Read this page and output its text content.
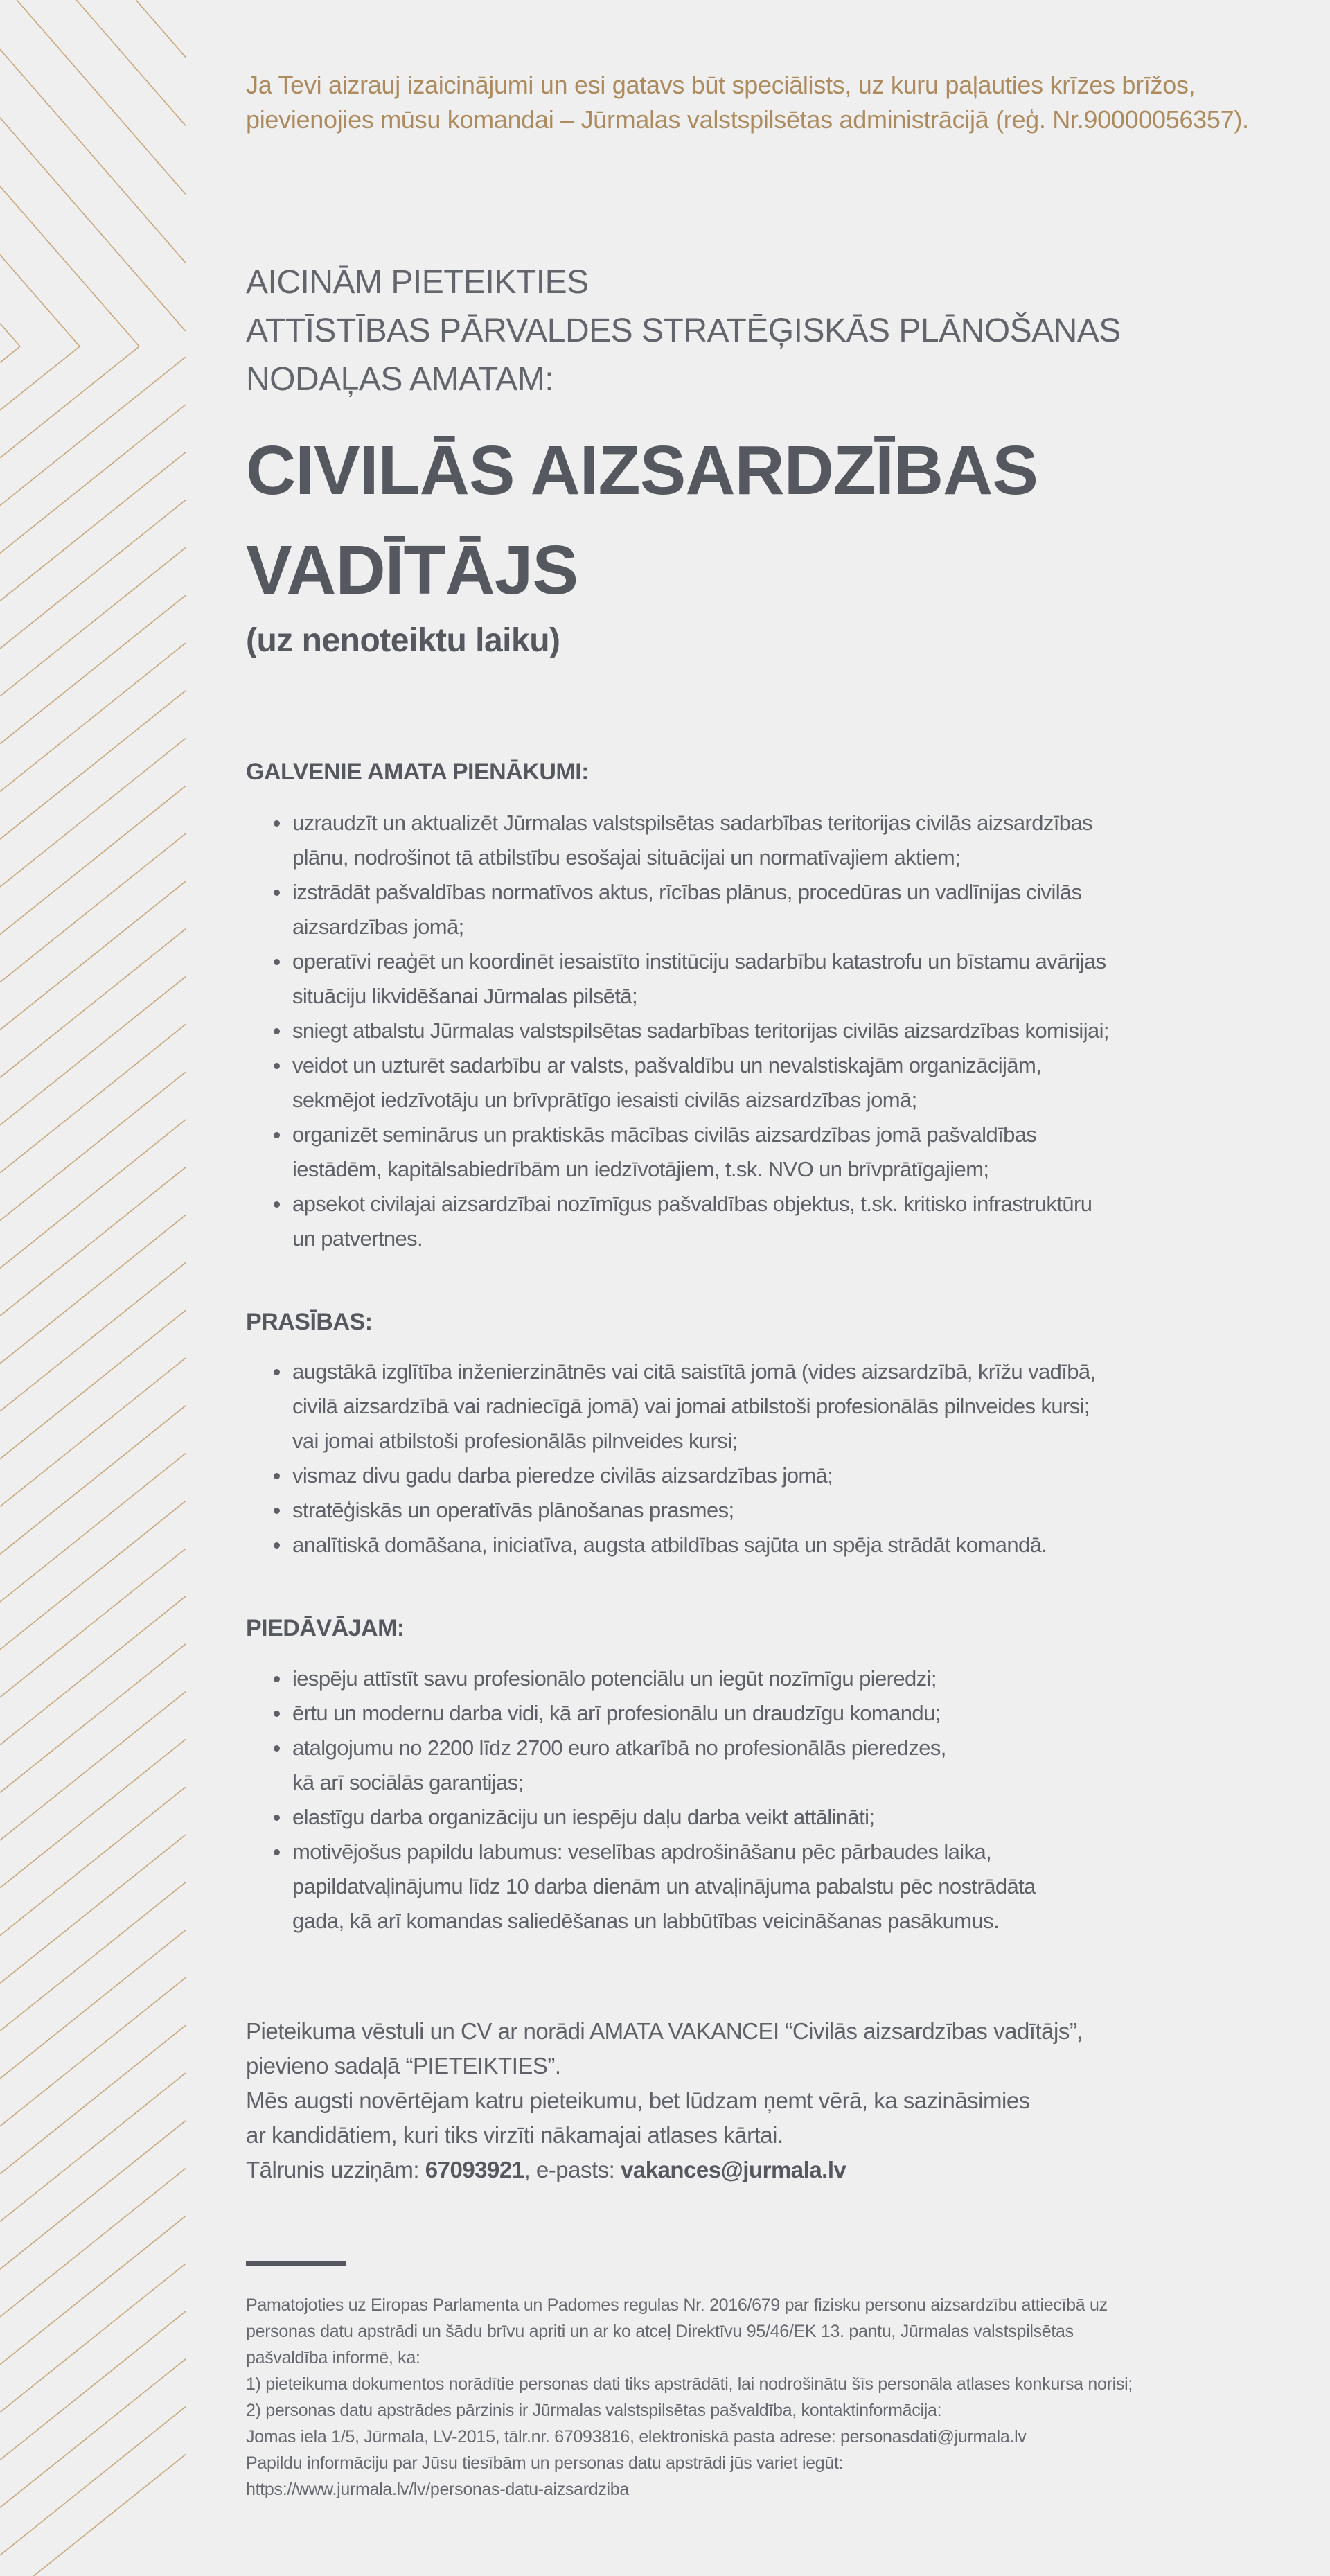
Ja Tevi aizrauj izaicinājumi un esi gatavs būt speciālists, uz kuru paļauties krīzes brīžos, pievienojies mūsu komandai – Jūrmalas valstspilsētas administrācijā (reģ. Nr.90000056357).
AICINĀM PIETEIKTIES
ATTĪSTĪBAS PĀRVALDES STRATĒĢISKĀS PLĀNOŠANAS
NODAĻAS AMATAM:
CIVILĀS AIZSARDZĪBAS
VADĪTĀJS
(uz nenoteiktu laiku)
GALVENIE AMATA PIENĀKUMI:
uzraudzīt un aktualizēt Jūrmalas valstspilsētas sadarbības teritorijas civilās aizsardzības
plānu, nodrošinot tā atbilstību esošajai situācijai un normatīvajiem aktiem;
izstrādāt pašvaldības normatīvos aktus, rīcības plānus, procedūras un vadlīnijas civilās
aizsardzības jomā;
operatīvi reaģēt un koordinēt iesaistīto institūciju sadarbību katastrofu un bīstamu avārijas
situāciju likvidēšanai Jūrmalas pilsētā;
sniegt atbalstu Jūrmalas valstspilsētas sadarbības teritorijas civilās aizsardzības komisijai;
veidot un uzturēt sadarbību ar valsts, pašvaldību un nevalstiskajām organizācijām,
sekmējot iedzīvotāju un brīvprātīgo iesaisti civilās aizsardzības jomā;
organizēt seminārus un praktiskās mācības civilās aizsardzības jomā pašvaldības
iestādēm, kapitālsabiedrībām un iedzīvotājiem, t.sk. NVO un brīvprātīgajiem;
apsekot civilajai aizsardzībai nozīmīgus pašvaldības objektus, t.sk. kritisko infrastruktūru
un patvertnes.
PRASĪBAS:
augstākā izglītība inženierzinātnēs vai citā saistītā jomā (vides aizsardzībā, krīžu vadībā,
civilā aizsardzībā vai radniecīgā jomā) vai jomai atbilstoši profesionālās pilnveides kursi;
vai jomai atbilstoši profesionālās pilnveides kursi;
vismaz divu gadu darba pieredze civilās aizsardzības jomā;
stratēģiskās un operatīvās plānošanas prasmes;
analītiskā domāšana, iniciatīva, augsta atbildības sajūta un spēja strādāt komandā.
PIEDĀVĀJAM:
iespēju attīstīt savu profesionālo potenciālu un iegūt nozīmīgu pieredzi;
ērtu un modernu darba vidi, kā arī profesionālu un draudzīgu komandu;
atalgojumu no 2200 līdz 2700 euro atkarībā no profesionālās pieredzes,
kā arī sociālās garantijas;
elastīgu darba organizāciju un iespēju daļu darba veikt attālināti;
motivējošus papildu labumus: veselības apdrošināšanu pēc pārbaudes laika,
papildatvaļinājumu līdz 10 darba dienām un atvaļinājuma pabalstu pēc nostrādāta
gada, kā arī komandas saliedēšanas un labbūtības veicināšanas pasākumus.
Pieteikuma vēstuli un CV ar norādi AMATA VAKANCEI “Civilās aizsardzības vadītājs”,
pievieno sadaļā “PIETEIKTIES”.
Mēs augsti novērtējam katru pieteikumu, bet lūdzam ņemt vērā, ka sazināsimies
ar kandidātiem, kuri tiks virzīti nākamajai atlases kārtai.
Tālrunis uzziņām: 67093921, e-pasts: vakances@jurmala.lv
Pamatojoties uz Eiropas Parlamenta un Padomes regulas Nr. 2016/679 par fizisku personu aizsardzību attiecībā uz
personas datu apstrādi un šādu brīvu apriti un ar ko atceļ Direktīvu 95/46/EK 13. pantu, Jūrmalas valstspilsētas
pašvaldība informē, ka:
1) pieteikuma dokumentos norādītie personas dati tiks apstrādāti, lai nodrošinātu šīs personāla atlases konkursa norisi;
2) personas datu apstrādes pārzinis ir Jūrmalas valstspilsētas pašvaldība, kontaktinformācija:
Jomas iela 1/5, Jūrmala, LV-2015, tālr.nr. 67093816, elektroniskā pasta adrese: personasdati@jurmala.lv
Papildu informāciju par Jūsu tiesībām un personas datu apstrādi jūs variet iegūt:
https://www.jurmala.lv/lv/personas-datu-aizsardziba
